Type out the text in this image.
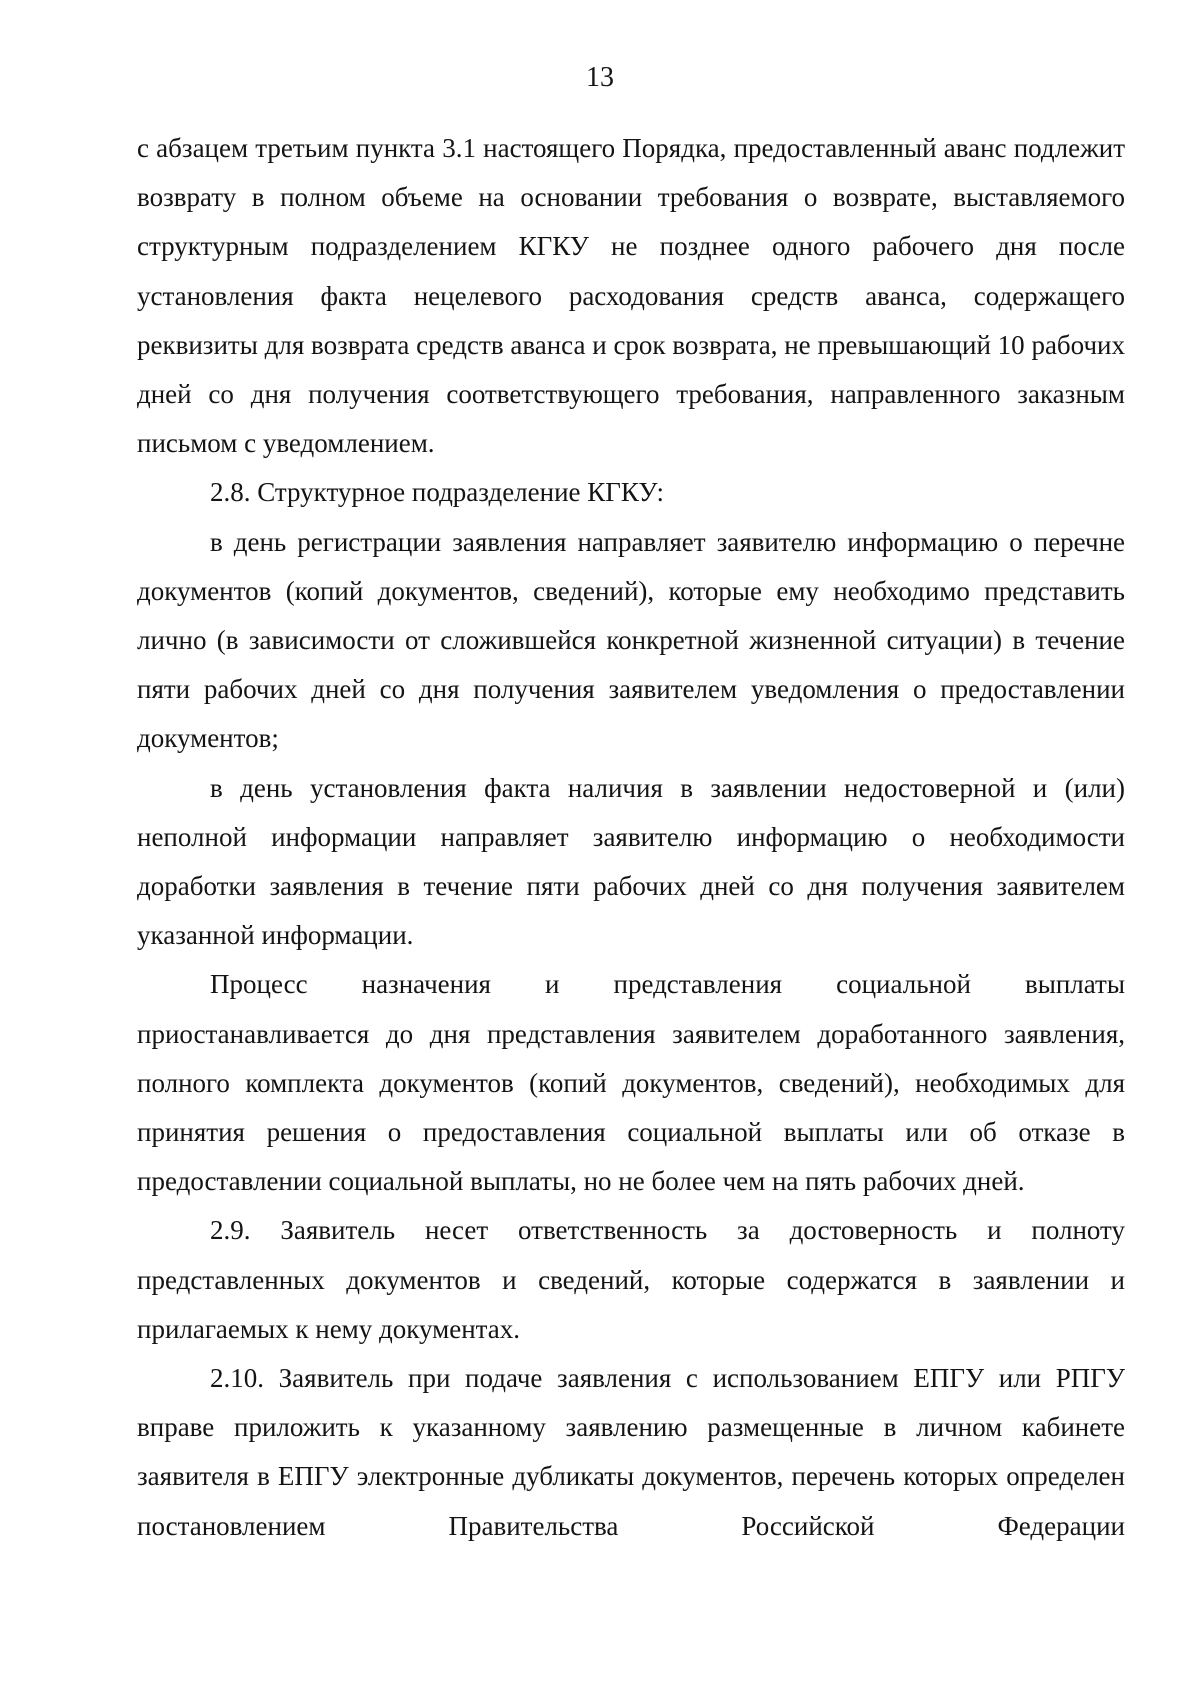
13

с абзацем третьим пункта 3.1 настоящего Порядка, предоставленный аванс подлежит возврату в полном объеме на основании требования о возврате, выставляемого структурным подразделением КГКУ не позднее одного рабочего дня после установления факта нецелевого расходования средств аванса, содержащего реквизиты для возврата средств аванса и срок возврата, не превышающий 10 рабочих дней со дня получения соответствующего требования, направленного заказным письмом с уведомлением.

2.8. Структурное подразделение КГКУ:

в день регистрации заявления направляет заявителю информацию о перечне документов (копий документов, сведений), которые ему необходимо представить лично (в зависимости от сложившейся конкретной жизненной ситуации) в течение пяти рабочих дней со дня получения заявителем уведомления о предоставлении документов;

в день установления факта наличия в заявлении недостоверной и (или) неполной информации направляет заявителю информацию о необходимости доработки заявления в течение пяти рабочих дней со дня получения заявителем указанной информации.

Процесс назначения и представления социальной выплаты приостанавливается до дня представления заявителем доработанного заявления, полного комплекта документов (копий документов, сведений), необходимых для принятия решения о предоставления социальной выплаты или об отказе в предоставлении социальной выплаты, но не более чем на пять рабочих дней.

2.9. Заявитель несет ответственность за достоверность и полноту представленных документов и сведений, которые содержатся в заявлении и прилагаемых к нему документах.

2.10. Заявитель при подаче заявления с использованием ЕПГУ или РПГУ вправе приложить к указанному заявлению размещенные в личном кабинете заявителя в ЕПГУ электронные дубликаты документов, перечень которых определен постановлением Правительства Российской Федерации
